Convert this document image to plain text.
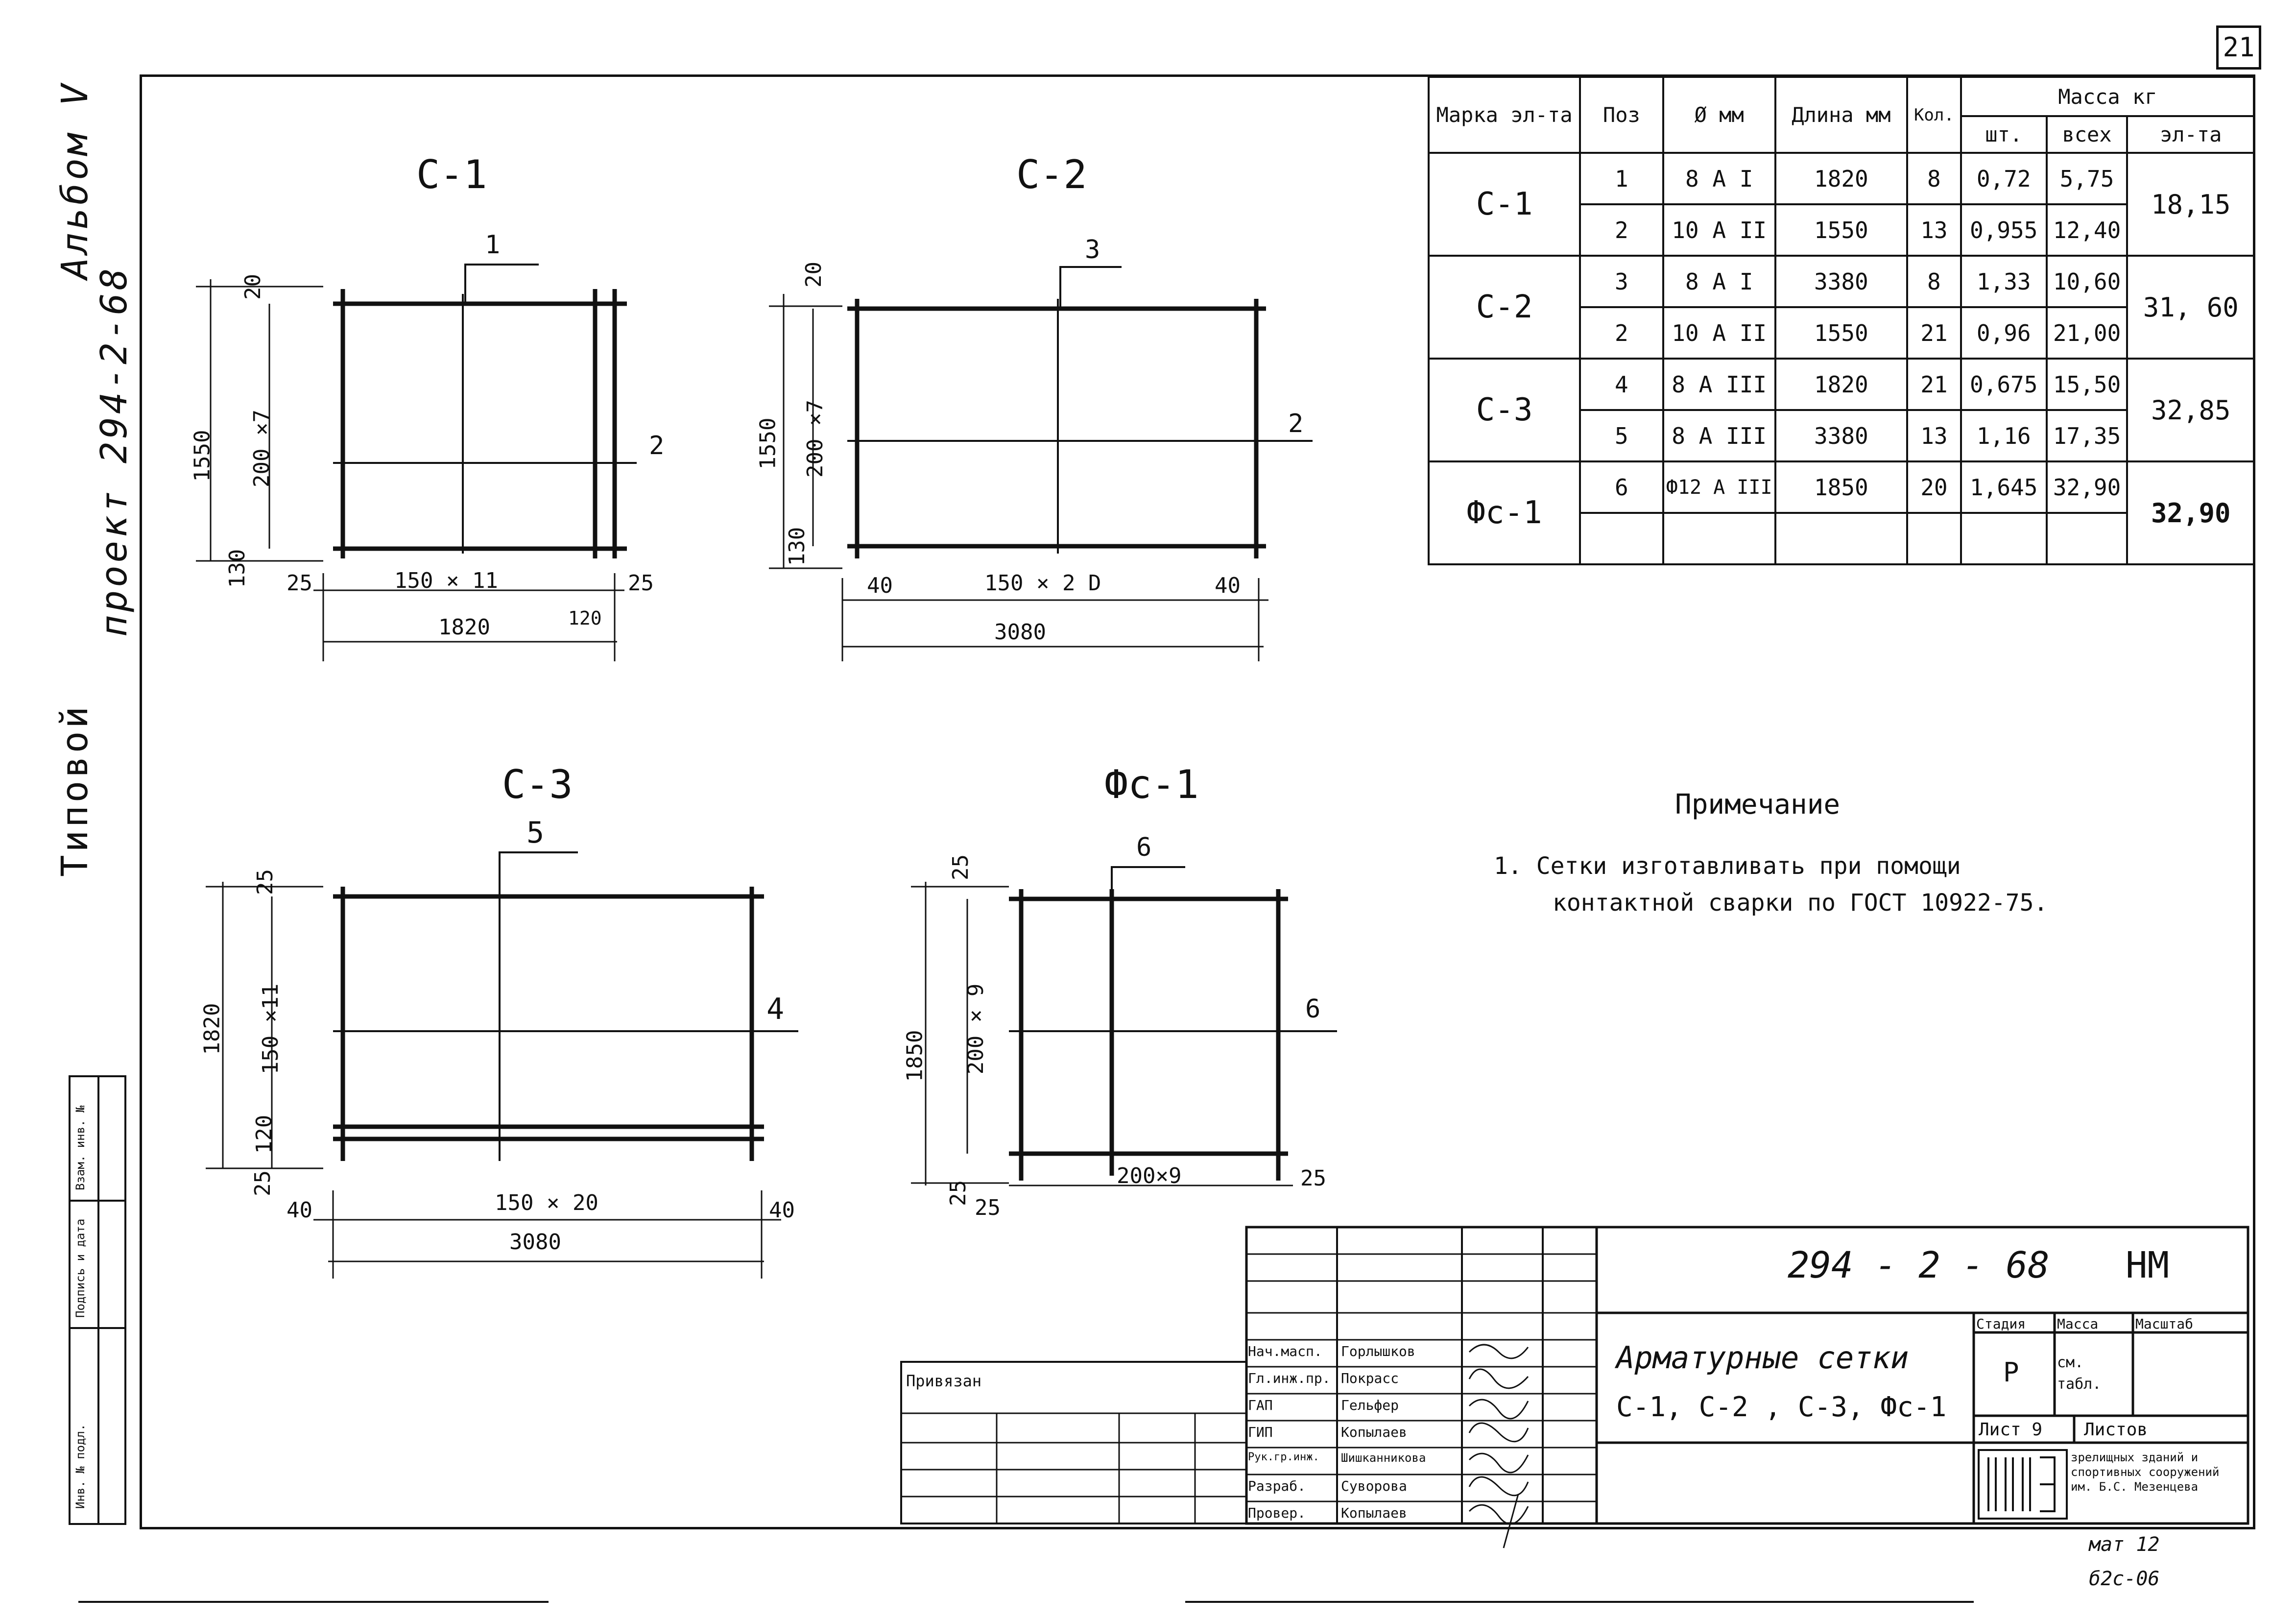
21
Типовой
проект 294-2-68
Альбом V
Инв. № подл.
Подпись и дата
Взам. инв. №
С-1	С-2
С-3	Фс-1
1
2
3
2
5
4
6
6
20
1550 200 ×7
130 25	150 × 11
120
25
1820
20
1550 200 ×7
130
40	150 × 2 D	40
3080
25
1820 150 ×11
120
25
40	150 × 20	40
3080
25
1850 200 × 9
25
25
200×9	25
Марка эл-та	Поз	Ø мм	Длина мм	Кол.	Масса кг		
					шт.	всех	эл-та
С-1	1	8 А I	1820	8	0,72	5,75	18,15
	2	10 А II	1550	13	0,955	12,40	
С-2	3	8 А I	3380	8	1,33	10,60	31, 60
	2	10 А II	1550	21	0,96	21,00	
С-3	4	8 А III	1820	21	0,675	15,50	32,85
	5	8 А III	3380	13	1,16	17,35	
Фс-1	6	Ф12 А III	1850	20	1,645	32,90	32,90

Примечание
1. Сетки изготавливать при помощи
контактной сварки по ГОСТ 10922-75.
294 - 2 - 68 НМ
Арматурные сетки
С-1, С-2 , С-3, Фс-1
Стадия Масса	Масштаб
Р	см. табл.
Лист 9 Листов
зрелищных зданий и спортивных сооружений им. Б.С. Мезенцева
Привязан
Нач.масп. Горлышков
Гл.инж.пр. Покрасс
ГАП	Гельфер
ГИП	Копылаев
Рук.гр.инж. Шишканникова
Разраб.	Суворова
Провер.	Копылаев
мат 12
б2с-06
